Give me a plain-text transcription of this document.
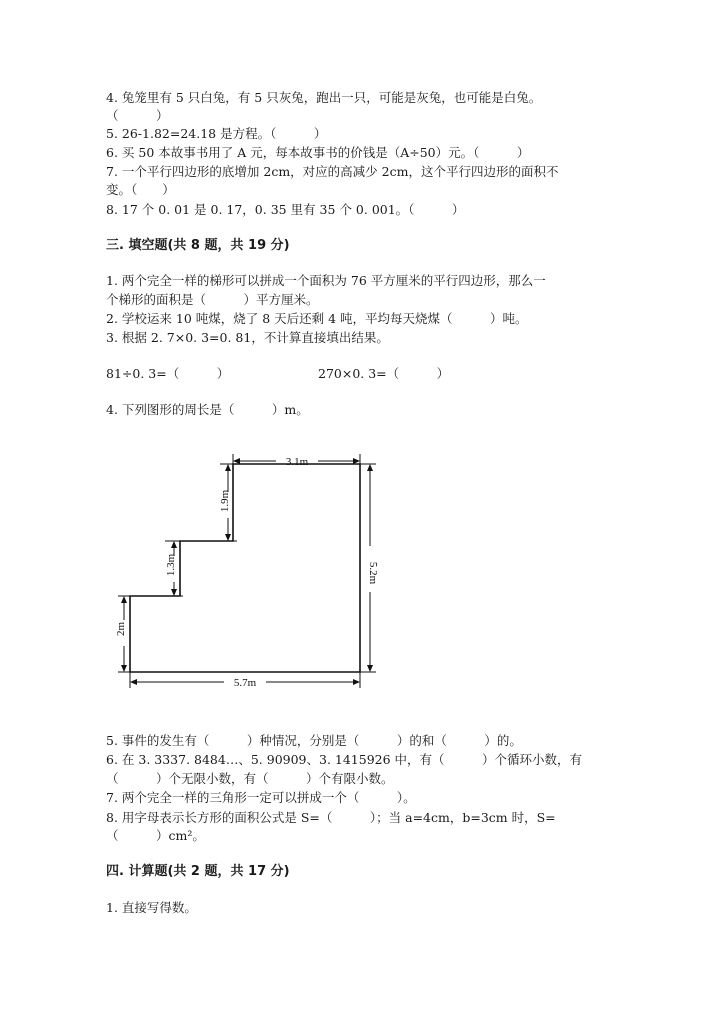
4. 兔笼里有 5 只白兔，有 5 只灰兔，跑出一只，可能是灰兔，也可能是白兔。
（　　　）
5. 26-1.82=24.18 是方程。（　　　）
6. 买 50 本故事书用了 A 元，每本故事书的价钱是（A÷50）元。（　　　）
7. 一个平行四边形的底增加 2cm，对应的高减少 2cm，这个平行四边形的面积不
变。（　　）
8. 17 个 0. 01 是 0. 17，0. 35 里有 35 个 0. 001。（　　　）
三. 填空题(共 8 题，共 19 分)
1. 两个完全一样的梯形可以拼成一个面积为 76 平方厘米的平行四边形，那么一
个梯形的面积是（　　　）平方厘米。
2. 学校运来 10 吨煤，烧了 8 天后还剩 4 吨，平均每天烧煤（　　　）吨。
3. 根据 2. 7×0. 3=0. 81，不计算直接填出结果。
81÷0. 3=（　　　）	270×0. 3=（　　　）
4. 下列图形的周长是（　　　）m。
3.1m
1.9m
1.3m
2m
5.2m
5.7m
5. 事件的发生有（　　　）种情况，分别是（　　　）的和（　　　）的。
6. 在 3. 3337. 8484…、5. 90909、3. 1415926 中，有（　　　）个循环小数，有
（　　　）个无限小数，有（　　　）个有限小数。
7. 两个完全一样的三角形一定可以拼成一个（　　　）。
8. 用字母表示长方形的面积公式是 S=（　　　）；当 a=4cm，b=3cm 时，S=
（　　　）cm²。
四. 计算题(共 2 题，共 17 分)
1. 直接写得数。
